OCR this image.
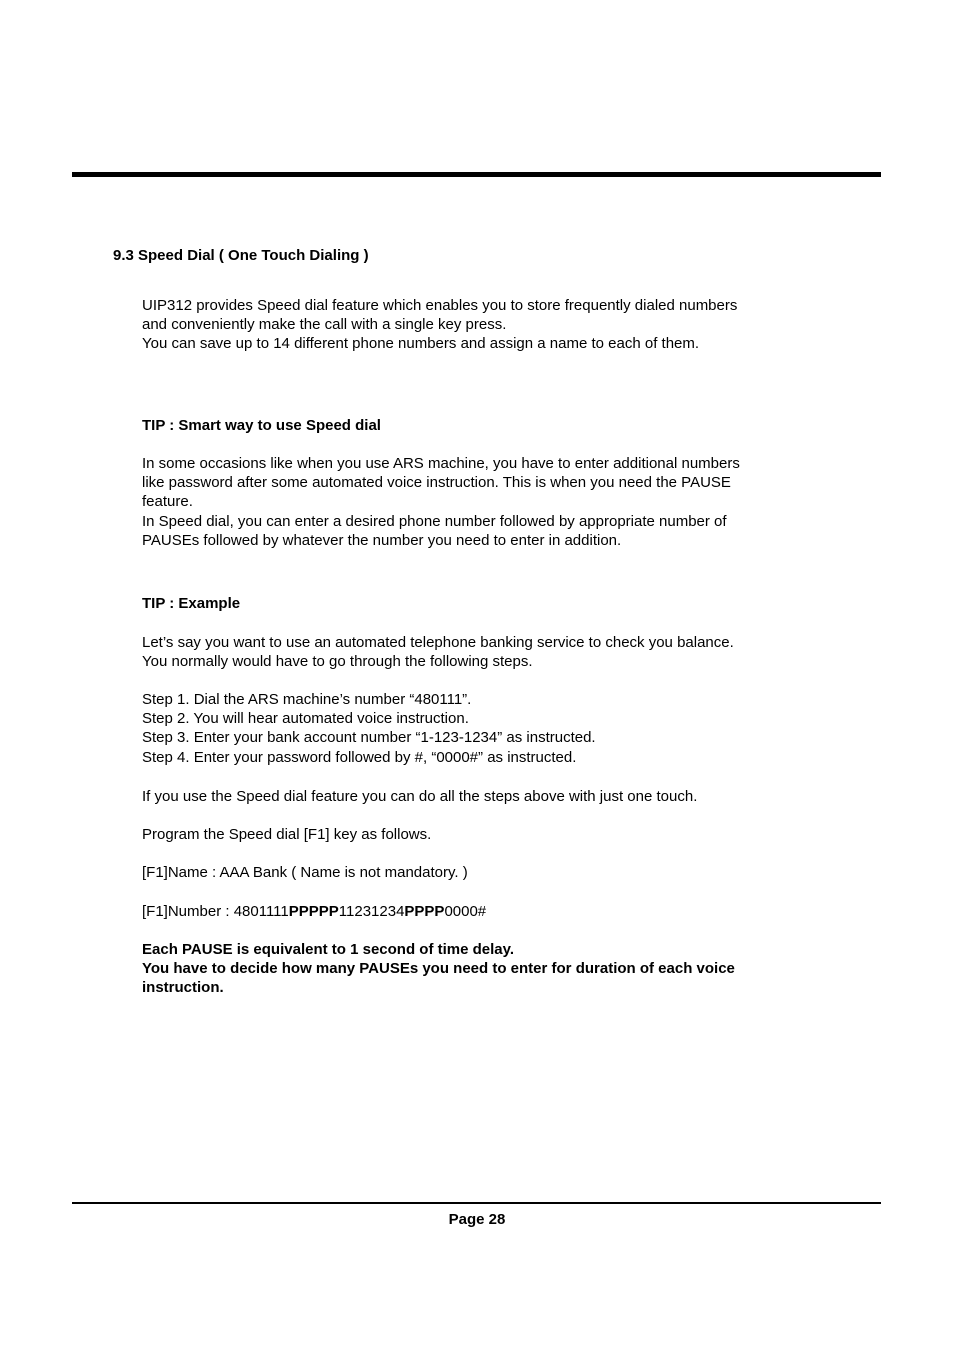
9.3 Speed Dial ( One Touch Dialing )

UIP312 provides Speed dial feature which enables you to store frequently dialed numbers

and conveniently make the call with a single key press.

You can save up to 14 different phone numbers and assign a name to each of them.

TIP : Smart way to use Speed dial

In some occasions like when you use ARS machine, you have to enter additional numbers

like password after some automated voice instruction. This is when you need the PAUSE

feature.

In Speed dial, you can enter a desired phone number followed by appropriate number of

PAUSEs followed by whatever the number you need to enter in addition.

TIP : Example

Let’s say you want to use an automated telephone banking service to check you balance.

You normally would have to go through the following steps.

Step 1. Dial the ARS machine’s number “480111”.

Step 2. You will hear automated voice instruction.

Step 3. Enter your bank account number “1-123-1234” as instructed.

Step 4. Enter your password followed by #, “0000#” as instructed.

If you use the Speed dial feature you can do all the steps above with just one touch.
Program the Speed dial [F1] key as follows.
[F1]Name : AAA Bank ( Name is not mandatory. )
[F1]Number : 4801111PPPPP11231234PPPP0000#

Each PAUSE is equivalent to 1 second of time delay.

You have to decide how many PAUSEs you need to enter for duration of each voice

instruction.

Page 28
